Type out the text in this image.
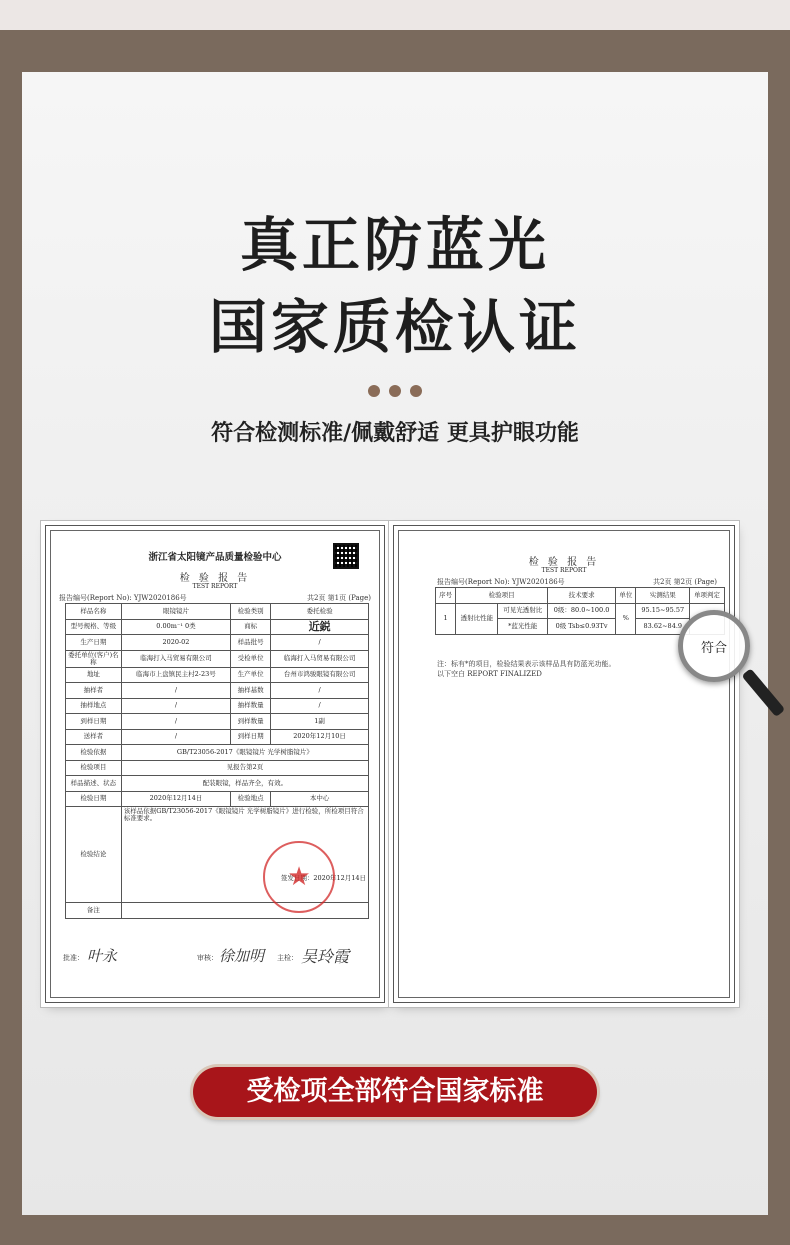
真正防蓝光
国家质检认证
符合检测标准/佩戴舒适 更具护眼功能
浙江省太阳镜产品质量检验中心
检 验 报 告
TEST REPORT
报告编号(Report No): YJW2020186号	共2页 第1页 (Page)
样品名称	眼镜镜片	检验类别	委托检验
型号规格、等级	0.00m⁻¹ 0类	商标	近鋭
生产日期	2020-02	样品批号	/
委托单位(客户)名称	临海打入马贸易有限公司	受检单位	临海打入马贸易有限公司
地址	临海市上盘镇民主村2-23号	生产单位	台州市鸿骏眼镜有限公司
抽样者	/	抽样基数	/
抽样地点	/	抽样数量	/
到样日期	/	到样数量	1副
送样者	/	到样日期	2020年12月10日
检验依据	GB/T23056-2017《眼镜镜片 光学树脂镜片》		
检验项目	见报告第2页		
样品描述、状态	配装眼镜，样品齐全，有效。		
检验日期	2020年12月14日	检验地点	本中心
检验结论	该样品依据GB/T23056-2017《眼镜镜片 光学树脂镜片》进行检验，所检项目符合标准要求。
签发日期：2020年12月14日		

备注			
★
批准： 叶永	审核： 徐加明 主检： 吴玲霞
检 验 报 告
TEST REPORT
报告编号(Report No): YJW2020186号	共2页 第2页 (Page)
序号	检验项目		技术要求	单位	实测结果	单项判定
1	透射比性能	可见光透射比	0级：80.0~100.0	%	95.15~95.57	
		*蓝光性能	0级 Tsb≤0.93Tv		83.62~84.9	
注：标有*的项目，检验结果表示该样品具有防蓝光功能。
以下空白 REPORT FINALIZED
符合
受检项全部符合国家标准
